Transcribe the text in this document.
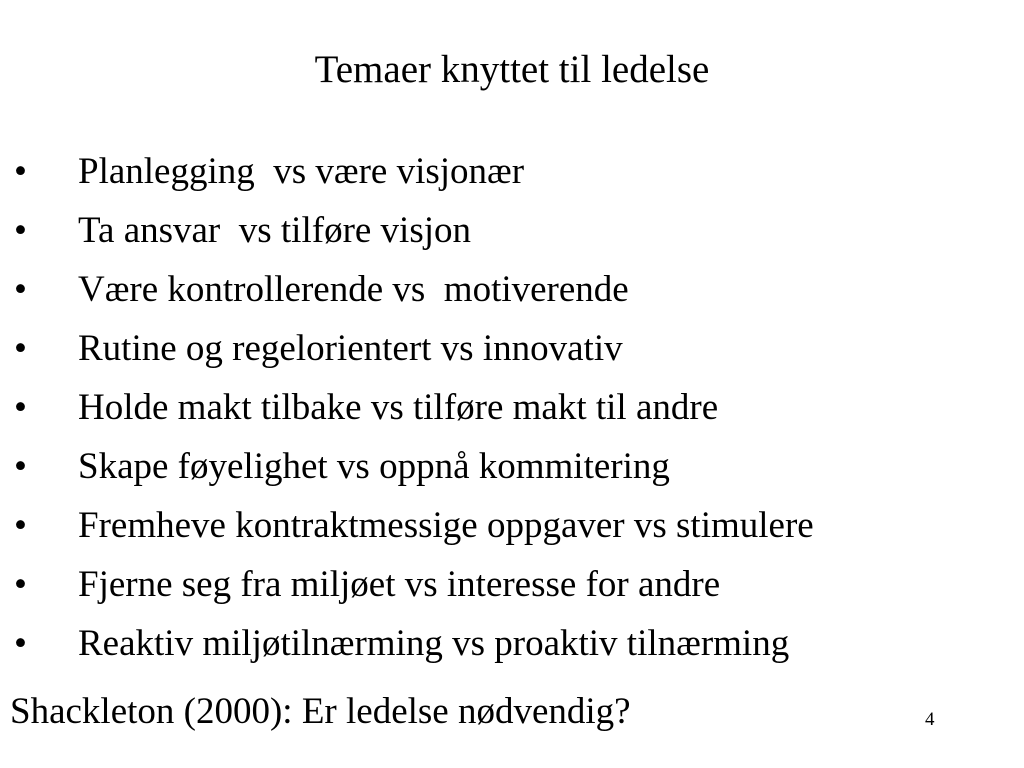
Temaer knyttet til ledelse

•

Planlegging  vs være visjonær

•

Ta ansvar  vs tilføre visjon

•

Være kontrollerende vs  motiverende

•

Rutine og regelorientert vs innovativ

•

Holde makt tilbake vs tilføre makt til andre

•

Skape føyelighet vs oppnå kommitering

•

Fremheve kontraktmessige oppgaver vs stimulere

•

Fjerne seg fra miljøet vs interesse for andre

•

Reaktiv miljøtilnærming vs proaktiv tilnærming

Shackleton (2000): Er ledelse nødvendig?	4
